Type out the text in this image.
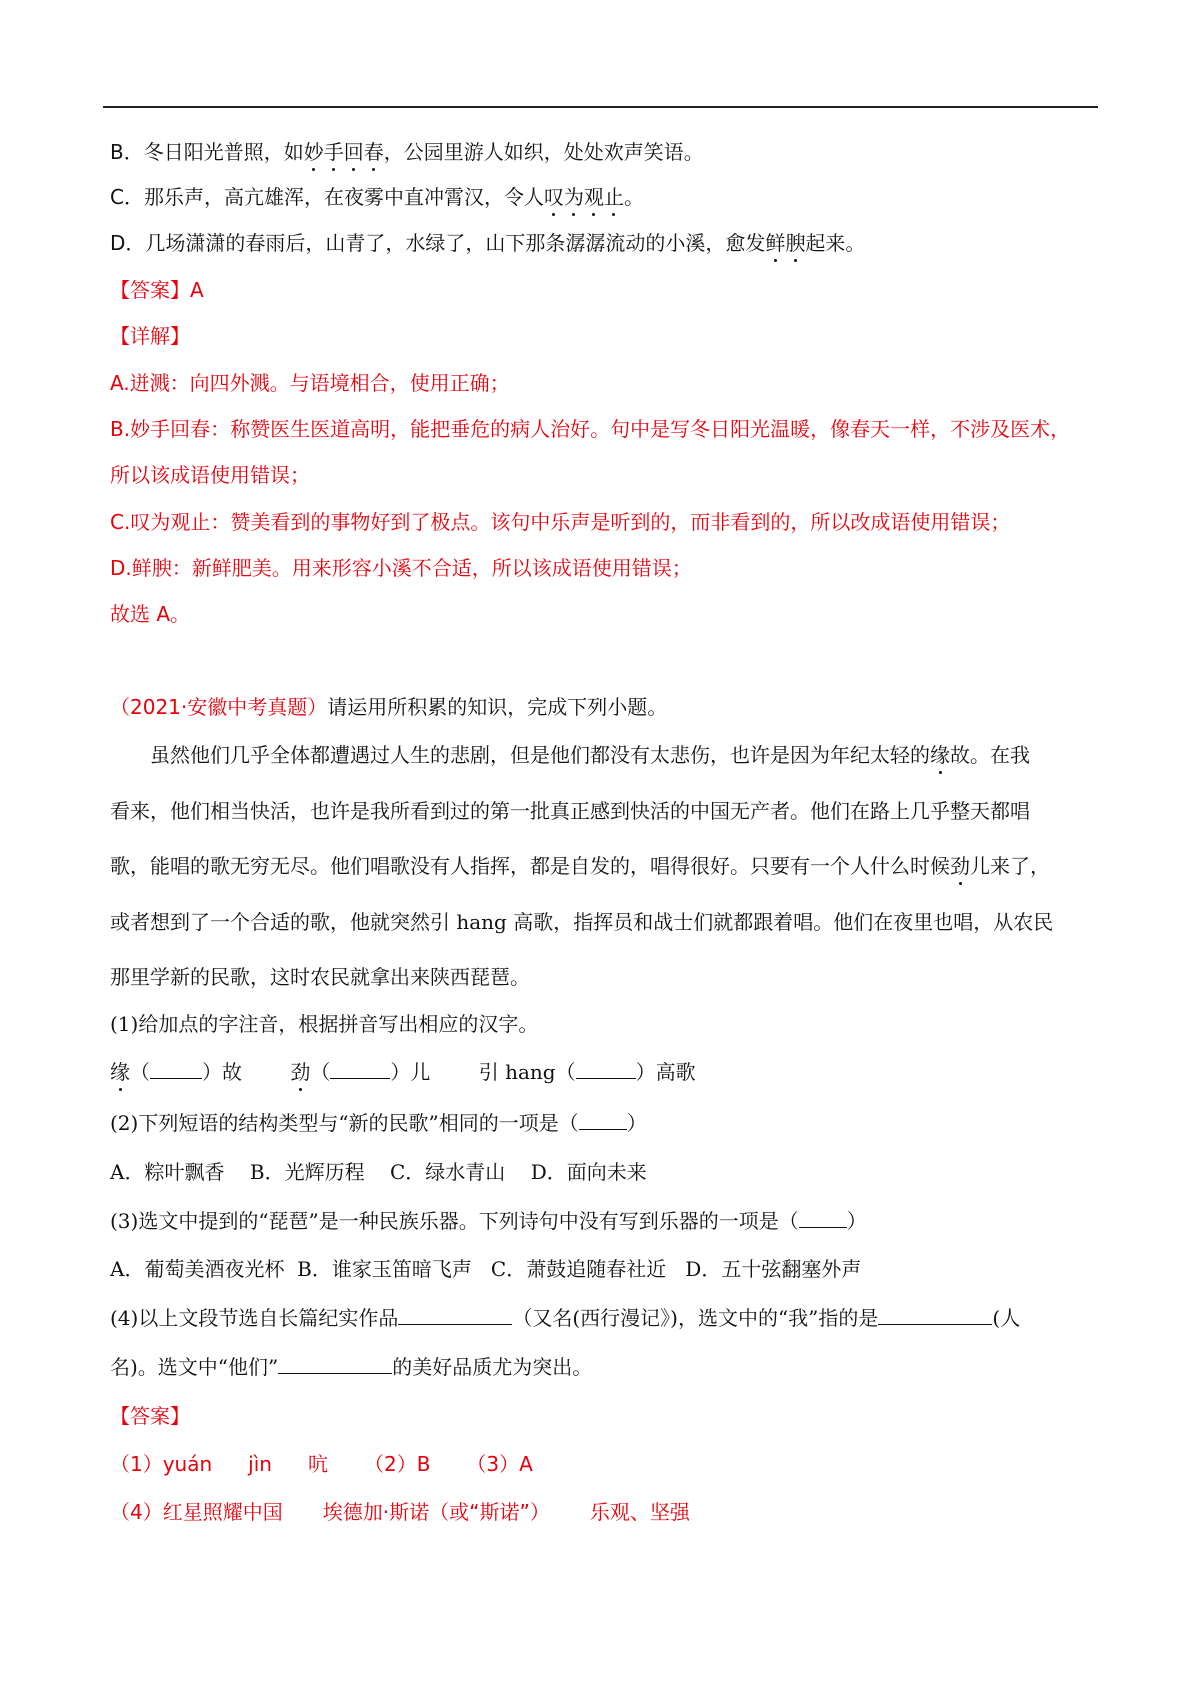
B．冬日阳光普照，如妙手回春，公园里游人如织，处处欢声笑语。
C．那乐声，高亢雄浑，在夜雾中直冲霄汉，令人叹为观止。
D．几场潇潇的春雨后，山青了，水绿了，山下那条潺潺流动的小溪，愈发鲜腴起来。
【答案】A
【详解】
A.迸溅：向四外溅。与语境相合，使用正确；
B.妙手回春：称赞医生医道高明，能把垂危的病人治好。句中是写冬日阳光温暖，像春天一样，不涉及医术，
所以该成语使用错误；
C.叹为观止：赞美看到的事物好到了极点。该句中乐声是听到的，而非看到的，所以改成语使用错误；
D.鲜腴：新鲜肥美。用来形容小溪不合适，所以该成语使用错误；
故选 A。
（2021·安徽中考真题）请运用所积累的知识，完成下列小题。
虽然他们几乎全体都遭遇过人生的悲剧，但是他们都没有太悲伤，也许是因为年纪太轻的缘故。在我
看来，他们相当快活，也许是我所看到过的第一批真正感到快活的中国无产者。他们在路上几乎整天都唱
歌，能唱的歌无穷无尽。他们唱歌没有人指挥，都是自发的，唱得很好。只要有一个人什么时候劲儿来了，
或者想到了一个合适的歌，他就突然引 hang 高歌，指挥员和战士们就都跟着唱。他们在夜里也唱，从农民
那里学新的民歌，这时农民就拿出来陕西琵琶。
(1)给加点的字注音，根据拼音写出相应的汉字。
缘（	）故 劲（	）儿 引 hang（	）高歌
(2)下列短语的结构类型与“新的民歌”相同的一项是（ ）
A．粽叶飘香    B．光辉历程    C．绿水青山    D．面向未来
(3)选文中提到的“琵琶”是一种民族乐器。下列诗句中没有写到乐器的一项是（ ）
A．葡萄美酒夜光杯  B．谁家玉笛暗飞声   C．萧鼓追随春社近   D．五十弦翻塞外声
(4)以上文段节选自长篇纪实作品	（又名(西行漫记》)，选文中的“我”指的是	(人
名)。选文中“他们”	的美好品质尤为突出。
【答案】
（1）yuán jìn 吭 （2）B （3）A
（4）红星照耀中国 埃德加·斯诺（或“斯诺”） 乐观、坚强
